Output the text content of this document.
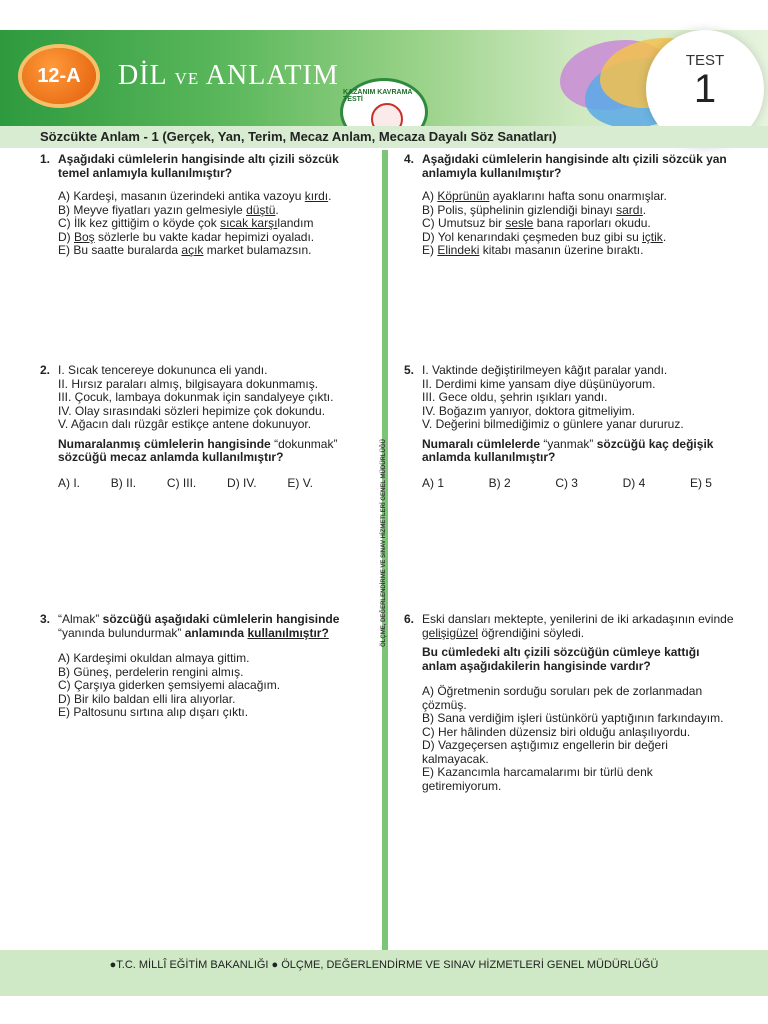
12-A	DİL VE ANLATIM
KAZANIM KAVRAMA TESTİ
TEST
1
Sözcükte Anlam - 1 (Gerçek, Yan, Terim, Mecaz Anlam, Mecaza Dayalı Söz Sanatları)
ÖLÇME, DEĞERLENDİRME VE SINAV HİZMETLERİ GENEL MÜDÜRLÜĞÜ
1. Aşağıdaki cümlelerin hangisinde altı çizili sözcük temel anlamıyla kullanılmıştır?
A) Kardeşi, masanın üzerindeki antika vazoyu kırdı.
B) Meyve fiyatları yazın gelmesiyle düştü.
C) İlk kez gittiğim o köyde çok sıcak karşılandım
D) Boş sözlerle bu vakte kadar hepimizi oyaladı.
E) Bu saatte buralarda açık market bulamazsın.
4. Aşağıdaki cümlelerin hangisinde altı çizili sözcük yan anlamıyla kullanılmıştır?
A) Köprünün ayaklarını hafta sonu onarmışlar.
B) Polis, şüphelinin gizlendiği binayı sardı.
C) Umutsuz bir sesle bana raporları okudu.
D) Yol kenarındaki çeşmeden buz gibi su içtik.
E) Elindeki kitabı masanın üzerine bıraktı.
2. I. Sıcak tencereye dokununca eli yandı.
II. Hırsız paraları almış, bilgisayara dokunmamış.
III. Çocuk, lambaya dokunmak için sandalyeye çıktı.
IV. Olay sırasındaki sözleri hepimize çok dokundu.
V. Ağacın dalı rüzgâr estikçe antene dokunuyor.
Numaralanmış cümlelerin hangisinde “dokunmak” sözcüğü mecaz anlamda kullanılmıştır?
A) I.	B) II.	C) III.	D) IV.	E) V.
5. I. Vaktinde değiştirilmeyen kâğıt paralar yandı.
II. Derdimi kime yansam diye düşünüyorum.
III. Gece oldu, şehrin ışıkları yandı.
IV. Boğazım yanıyor, doktora gitmeliyim.
V. Değerini bilmediğimiz o günlere yanar dururuz.
Numaralı cümlelerde “yanmak” sözcüğü kaç değişik anlamda kullanılmıştır?
A) 1	B) 2	C) 3	D) 4	E) 5
3. “Almak” sözcüğü aşağıdaki cümlelerin hangisinde “yanında bulundurmak” anlamında kullanılmıştır?
A) Kardeşimi okuldan almaya gittim.
B) Güneş, perdelerin rengini almış.
C) Çarşıya giderken şemsiyemi alacağım.
D) Bir kilo baldan elli lira alıyorlar.
E) Paltosunu sırtına alıp dışarı çıktı.
6. Eski dansları mektepte, yenilerini de iki arkadaşının evinde gelişigüzel öğrendiğini söyledi.
Bu cümledeki altı çizili sözcüğün cümleye kattığı anlam aşağıdakilerin hangisinde vardır?
A) Öğretmenin sorduğu soruları pek de zorlanmadan çözmüş.
B) Sana verdiğim işleri üstünkörü yaptığının farkındayım.
C) Her hâlinden düzensiz biri olduğu anlaşılıyordu.
D) Vazgeçersen aştığımız engellerin bir değeri kalmayacak.
E) Kazancımla harcamalarımı bir türlü denk getiremiyorum.
●T.C. MİLLÎ EĞİTİM BAKANLIĞI ● ÖLÇME, DEĞERLENDİRME VE SINAV HİZMETLERİ GENEL MÜDÜRLÜĞÜ
